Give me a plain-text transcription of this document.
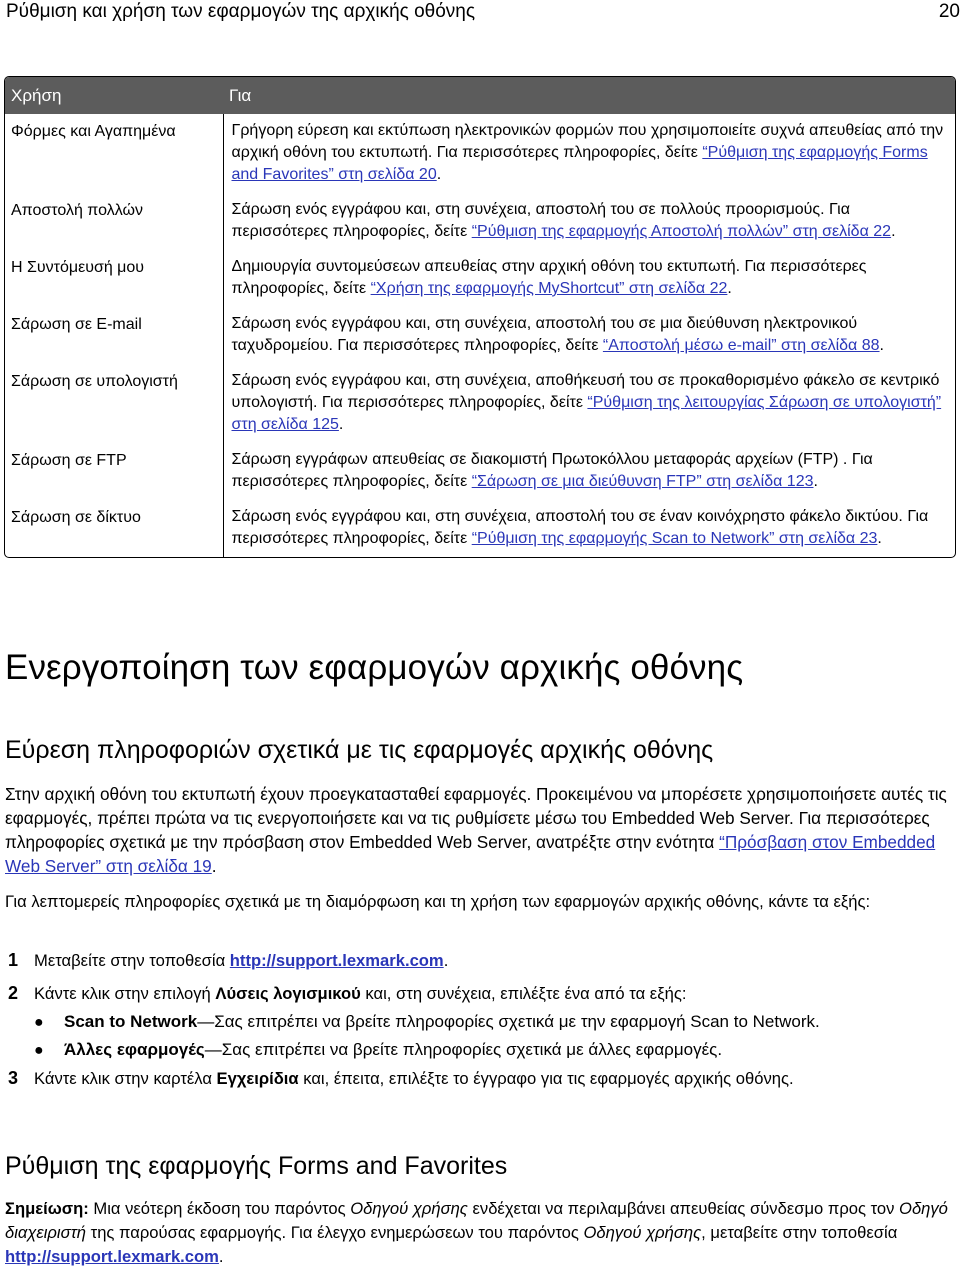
Ρύθμιση και χρήση των εφαρμογών της αρχικής οθόνης	20
Χρήση	Για
Φόρμες και Αγαπημένα	Γρήγορη εύρεση και εκτύπωση ηλεκτρονικών φορμών που χρησιμοποιείτε συχνά απευθείας από την αρχική οθόνη του εκτυπωτή. Για περισσότερες πληροφορίες, δείτε “Ρύθμιση της εφαρμογής Forms and Favorites” στη σελίδα 20.
Αποστολή πολλών	Σάρωση ενός εγγράφου και, στη συνέχεια, αποστολή του σε πολλούς προορισμούς. Για περισσότερες πληροφορίες, δείτε “Ρύθμιση της εφαρμογής Αποστολή πολλών” στη σελίδα 22.
Η Συντόμευσή μου	Δημιουργία συντομεύσεων απευθείας στην αρχική οθόνη του εκτυπωτή. Για περισσότερες πληροφορίες, δείτε “Χρήση της εφαρμογής MyShortcut” στη σελίδα 22.
Σάρωση σε E-mail	Σάρωση ενός εγγράφου και, στη συνέχεια, αποστολή του σε μια διεύθυνση ηλεκτρονικού ταχυδρομείου. Για περισσότερες πληροφορίες, δείτε “Αποστολή μέσω e-mail” στη σελίδα 88.
Σάρωση σε υπολογιστή	Σάρωση ενός εγγράφου και, στη συνέχεια, αποθήκευσή του σε προκαθορισμένο φάκελο σε κεντρικό υπολογιστή. Για περισσότερες πληροφορίες, δείτε “Ρύθμιση της λειτουργίας Σάρωση σε υπολογιστή” στη σελίδα 125.
Σάρωση σε FTP	Σάρωση εγγράφων απευθείας σε διακομιστή Πρωτοκόλλου μεταφοράς αρχείων (FTP) . Για περισσότερες πληροφορίες, δείτε “Σάρωση σε μια διεύθυνση FTP” στη σελίδα 123.
Σάρωση σε δίκτυο	Σάρωση ενός εγγράφου και, στη συνέχεια, αποστολή του σε έναν κοινόχρηστο φάκελο δικτύου. Για περισσότερες πληροφορίες, δείτε “Ρύθμιση της εφαρμογής Scan to Network” στη σελίδα 23.
Ενεργοποίηση των εφαρμογών αρχικής οθόνης
Εύρεση πληροφοριών σχετικά με τις εφαρμογές αρχικής οθόνης

Στην αρχική οθόνη του εκτυπωτή έχουν προεγκατασταθεί εφαρμογές. Προκειμένου να μπορέσετε χρησιμοποιήσετε αυτές τις εφαρμογές, πρέπει πρώτα να τις ενεργοποιήσετε και να τις ρυθμίσετε μέσω του Embedded Web Server. Για περισσότερες πληροφορίες σχετικά με την πρόσβαση στον Embedded Web Server, ανατρέξτε στην ενότητα “Πρόσβαση στον Embedded Web Server” στη σελίδα 19.

Για λεπτομερείς πληροφορίες σχετικά με τη διαμόρφωση και τη χρήση των εφαρμογών αρχικής οθόνης, κάντε τα εξής:

1 Μεταβείτε στην τοποθεσία http://support.lexmark.com.
2 Κάντε κλικ στην επιλογή Λύσεις λογισμικού και, στη συνέχεια, επιλέξτε ένα από τα εξής:
●	Scan to Network—Σας επιτρέπει να βρείτε πληροφορίες σχετικά με την εφαρμογή Scan to Network.
●	Άλλες εφαρμογές—Σας επιτρέπει να βρείτε πληροφορίες σχετικά με άλλες εφαρμογές.
3 Κάντε κλικ στην καρτέλα Εγχειρίδια και, έπειτα, επιλέξτε το έγγραφο για τις εφαρμογές αρχικής οθόνης.
Ρύθμιση της εφαρμογής Forms and Favorites

Σημείωση: Μια νεότερη έκδοση του παρόντος Οδηγού χρήσης ενδέχεται να περιλαμβάνει απευθείας σύνδεσμο προς τον Οδηγό διαχειριστή της παρούσας εφαρμογής. Για έλεγχο ενημερώσεων του παρόντος Οδηγού χρήσης, μεταβείτε στην τοποθεσία http://support.lexmark.com.
